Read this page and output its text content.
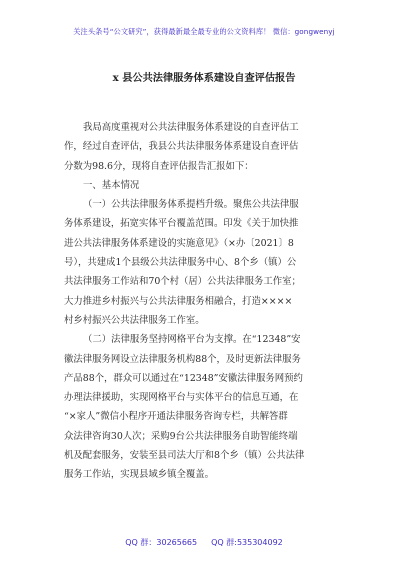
关注头条号“公文研究”，获得最新最全最专业的公文资料库！ 微信：gongwenyj
x 县公共法律服务体系建设自查评估报告
我局高度重视对公共法律服务体系建设的自查评估工
作，经过自查评估，我县公共法律服务体系建设自查评估
分数为98.6分，现将自查评估报告汇报如下：
一、基本情况
（一）公共法律服务体系提档升级。聚焦公共法律服
务体系建设，拓宽实体平台覆盖范围。印发《关于加快推
进公共法律服务体系建设的实施意见》（×办〔2021〕8
号），共建成1个县级公共法律服务中心、8个乡（镇）公
共法律服务工作站和70个村（居）公共法律服务工作室；
大力推进乡村振兴与公共法律服务相融合，打造××××
村乡村振兴公共法律服务工作室。
（二）法律服务坚持网格平台为支撑。在“12348”安
徽法律服务网设立法律服务机构88个，及时更新法律服务
产品88个，群众可以通过在“12348”安徽法律服务网预约
办理法律援助，实现网格平台与实体平台的信息互通，在
“×家人”微信小程序开通法律服务咨询专栏，共解答群
众法律咨询30人次；采购9台公共法律服务自助智能终端
机及配套服务，安装至县司法大厅和8个乡（镇）公共法律
服务工作站，实现县域乡镇全覆盖。
QQ 群：30265665 QQ 群:535304092
